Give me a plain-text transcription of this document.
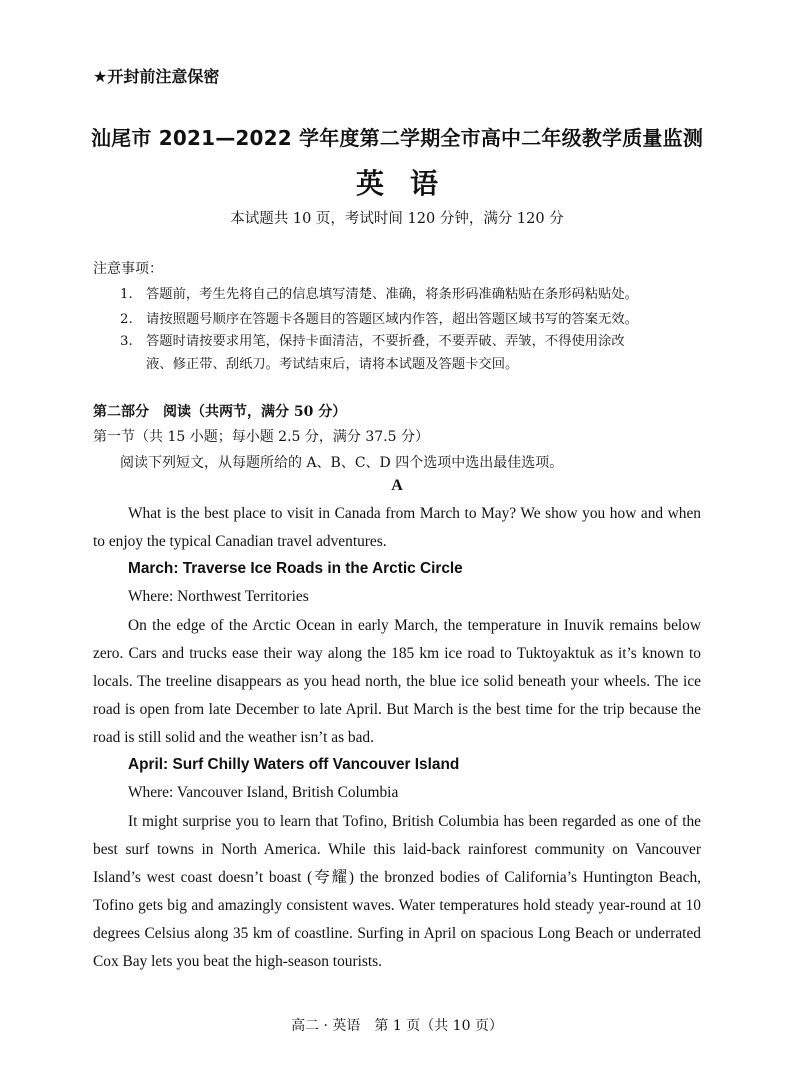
★开封前注意保密
汕尾市 2021—2022 学年度第二学期全市高中二年级教学质量监测
英语
本试题共 10 页，考试时间 120 分钟，满分 120 分
注意事项：
1. 答题前，考生先将自己的信息填写清楚、准确，将条形码准确粘贴在条形码粘贴处。
2. 请按照题号顺序在答题卡各题目的答题区域内作答，超出答题区域书写的答案无效。
3. 答题时请按要求用笔，保持卡面清洁，不要折叠，不要弄破、弄皱，不得使用涂改
液、修正带、刮纸刀。考试结束后，请将本试题及答题卡交回。
第二部分　阅读（共两节，满分 50 分）
第一节（共 15 小题；每小题 2.5 分，满分 37.5 分）
阅读下列短文，从每题所给的 A、B、C、D 四个选项中选出最佳选项。
A
What is the best place to visit in Canada from March to May? We show you how and when to enjoy the typical Canadian travel adventures.
March: Traverse Ice Roads in the Arctic Circle
Where: Northwest Territories
On the edge of the Arctic Ocean in early March, the temperature in Inuvik remains below zero. Cars and trucks ease their way along the 185 km ice road to Tuktoyaktuk as it’s known to locals. The treeline disappears as you head north, the blue ice solid beneath your wheels. The ice road is open from late December to late April. But March is the best time for the trip because the road is still solid and the weather isn’t as bad.
April: Surf Chilly Waters off Vancouver Island
Where: Vancouver Island, British Columbia
It might surprise you to learn that Tofino, British Columbia has been regarded as one of the best surf towns in North America. While this laid-back rainforest community on Vancouver Island’s west coast doesn’t boast (夸耀) the bronzed bodies of California’s Huntington Beach, Tofino gets big and amazingly consistent waves. Water temperatures hold steady year-round at 10 degrees Celsius along 35 km of coastline. Surfing in April on spacious Long Beach or underrated Cox Bay lets you beat the high-season tourists.
高二 · 英语　第 1 页（共 10 页）
